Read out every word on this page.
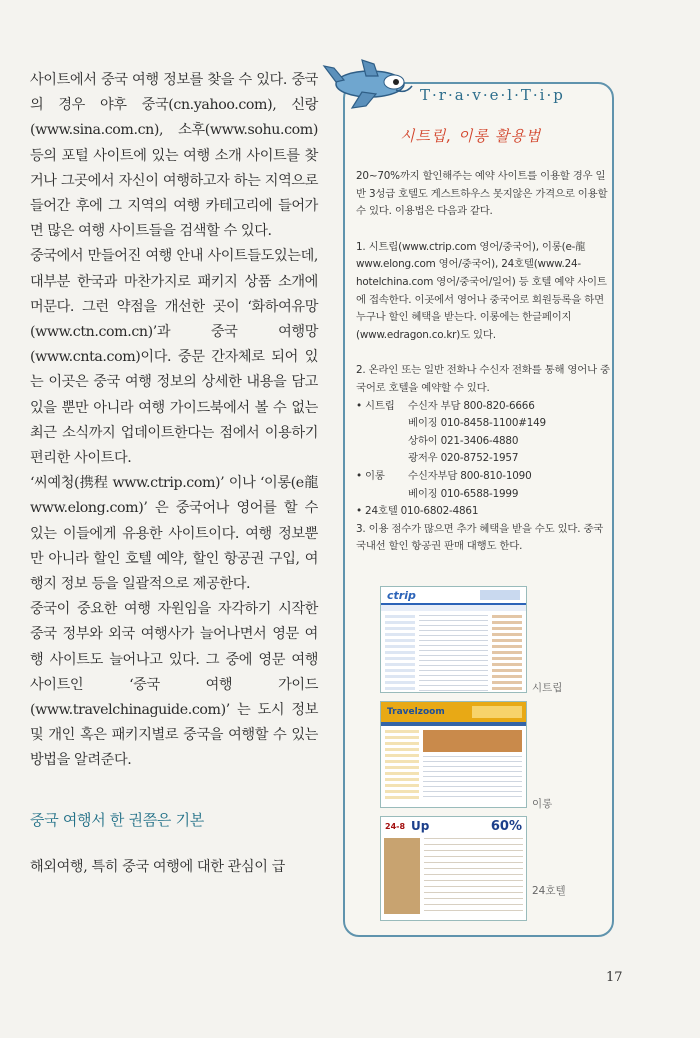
사이트에서 중국 여행 정보를 찾을 수 있다. 중국의 경우 야후 중국(cn.yahoo.com), 신랑(www.sina.com.cn), 소후(www.sohu.com) 등의 포털 사이트에 있는 여행 소개 사이트를 찾거나 그곳에서 자신이 여행하고자 하는 지역으로 들어간 후에 그 지역의 여행 카테고리에 들어가면 많은 여행 사이트들을 검색할 수 있다.

중국에서 만들어진 여행 안내 사이트들도있는데, 대부분 한국과 마찬가지로 패키지 상품 소개에 머문다. 그런 약점을 개선한 곳이 ‘화하여유망(www.ctn.com.cn)’과 중국 여행망(www.cnta.com)이다. 중문 간자체로 되어 있는 이곳은 중국 여행 정보의 상세한 내용을 담고 있을 뿐만 아니라 여행 가이드북에서 볼 수 없는 최근 소식까지 업데이트한다는 점에서 이용하기 편리한 사이트다.

‘씨예청(携程 www.ctrip.com)’ 이나 ‘이롱(e龍 www.elong.com)’ 은 중국어나 영어를 할 수 있는 이들에게 유용한 사이트이다. 여행 정보뿐만 아니라 할인 호텔 예약, 할인 항공권 구입, 여행지 정보 등을 일괄적으로 제공한다.

중국이 중요한 여행 자원임을 자각하기 시작한 중국 정부와 외국 여행사가 늘어나면서 영문 여행 사이트도 늘어나고 있다. 그 중에 영문 여행 사이트인 ‘중국 여행 가이드(www.travelchinaguide.com)’ 는 도시 정보 및 개인 혹은 패키지별로 중국을 여행할 수 있는 방법을 알려준다.

중국 여행서 한 권쯤은 기본

해외여행, 특히 중국 여행에 대한 관심이 급

T·r·a·v·e·l·T·i·p
시트립, 이롱 활용법

20~70%까지 할인해주는 예약 사이트를 이용할 경우 일반 3성급 호텔도 게스트하우스 못지않은 가격으로 이용할 수 있다. 이용법은 다음과 같다.

1. 시트립(www.ctrip.com 영어/중국어), 이롱(e-龍 www.elong.com 영어/중국어), 24호텔(www.24-hotelchina.com 영어/중국어/일어) 등 호텔 예약 사이트에 접속한다. 이곳에서 영어나 중국어로 회원등록을 하면 누구나 할인 혜택을 받는다. 이롱에는 한글페이지(www.edragon.co.kr)도 있다.

2. 온라인 또는 일반 전화나 수신자 전화를 통해 영어나 중국어로 호텔을 예약할 수 있다.

• 시트립	수신자 부담 800-820-6666
베이징 010-8458-1100#149
상하이 021-3406-4880
광저우 020-8752-1957
• 이롱	수신자부담 800-810-1090
베이징 010-6588-1999

• 24호텔 010-6802-4861

3. 이용 점수가 많으면 추가 혜택을 받을 수도 있다. 중국 국내선 할인 항공권 판매 대행도 한다.

ctrip
시트립
Travelzoom
이롱
24-8 Up	60%
24호텔
17
